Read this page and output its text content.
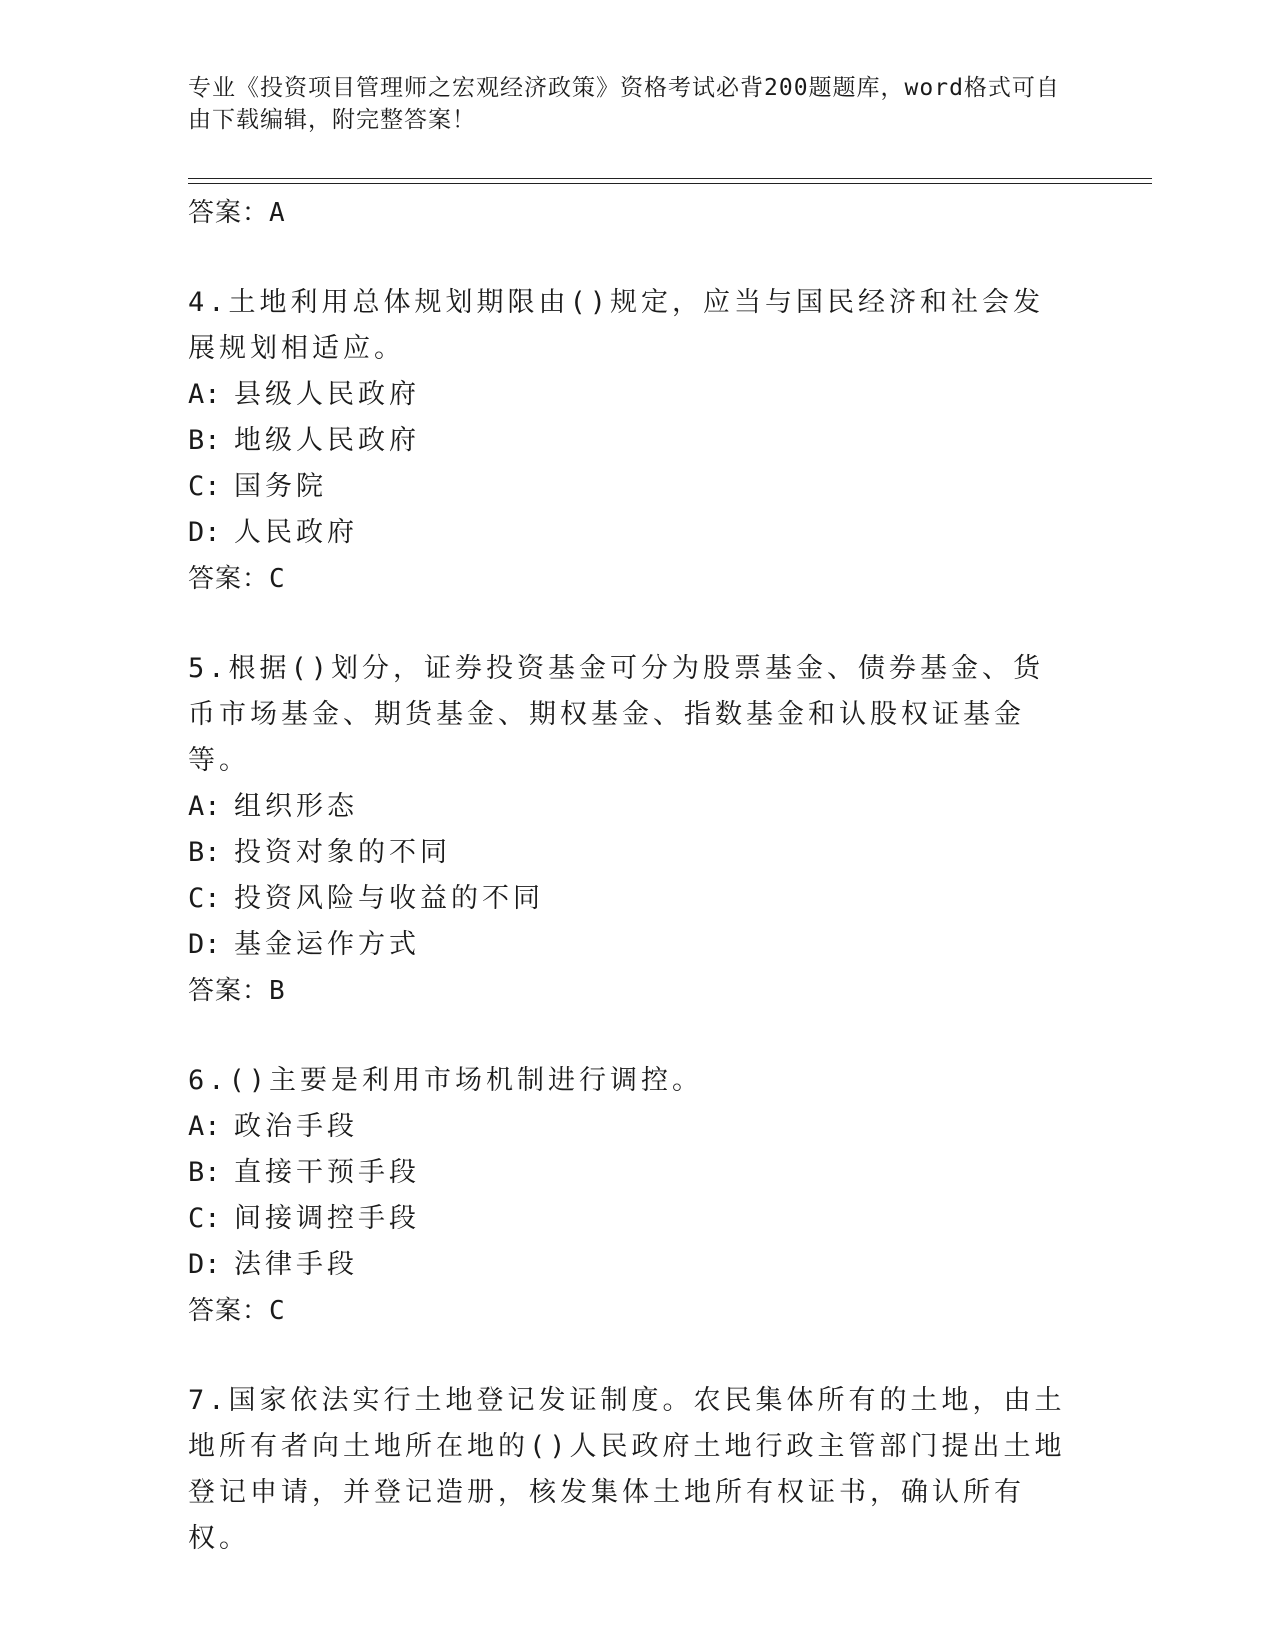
专业《投资项目管理师之宏观经济政策》资格考试必背200题题库，word格式可自由下载编辑，附完整答案！
答案：A
4.土地利用总体规划期限由()规定，应当与国民经济和社会发展规划相适应。
A: 县级人民政府
B: 地级人民政府
C: 国务院
D: 人民政府
答案：C
5.根据()划分，证券投资基金可分为股票基金、债券基金、货币市场基金、期货基金、期权基金、指数基金和认股权证基金等。
A: 组织形态
B: 投资对象的不同
C: 投资风险与收益的不同
D: 基金运作方式
答案：B
6.()主要是利用市场机制进行调控。
A: 政治手段
B: 直接干预手段
C: 间接调控手段
D: 法律手段
答案：C
7.国家依法实行土地登记发证制度。农民集体所有的土地，由土地所有者向土地所在地的()人民政府土地行政主管部门提出土地登记申请，并登记造册，核发集体土地所有权证书，确认所有权。
